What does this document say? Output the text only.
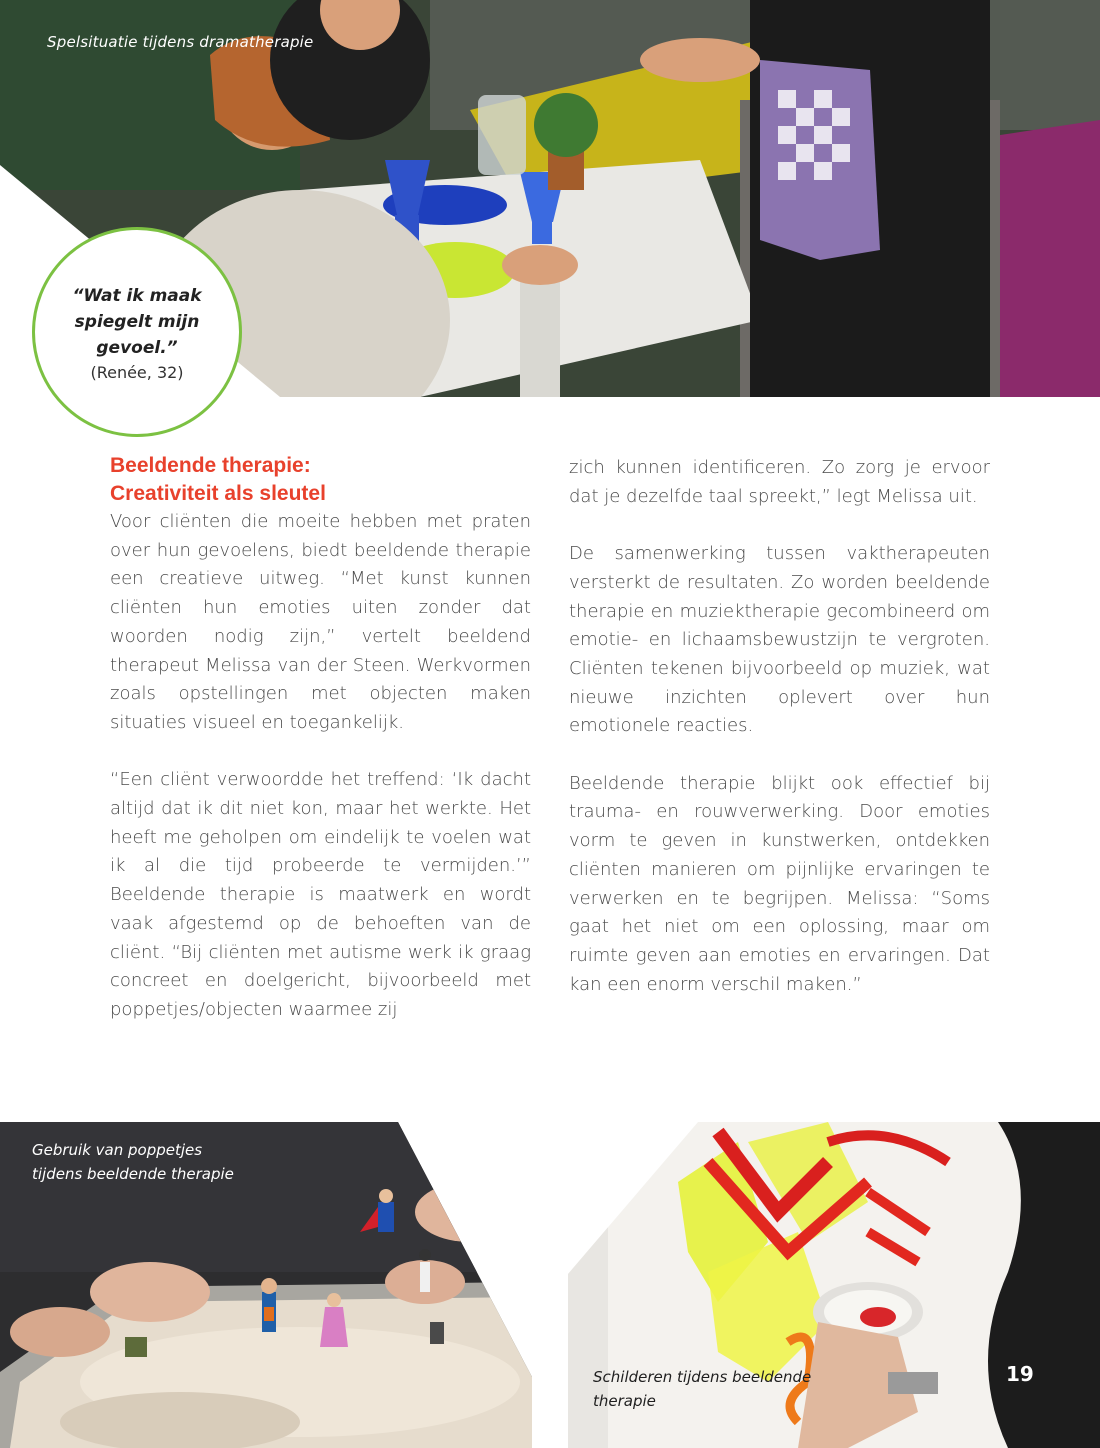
Spelsituatie tijdens dramatherapie
“Wat ik maak spiegelt mijn gevoel.”
(Renée, 32)
Beeldende therapie:
Creativiteit als sleutel

Voor cliënten die moeite hebben met praten over hun gevoelens, biedt beeldende therapie een creatieve uitweg. “Met kunst kunnen cliënten hun emoties uiten zonder dat woorden nodig zijn,” vertelt beeldend therapeut Melissa van der Steen. Werkvormen zoals opstellingen met objecten maken situaties visueel en toegankelijk.

“Een cliënt verwoordde het treffend: ‘Ik dacht altijd dat ik dit niet kon, maar het werkte. Het heeft me geholpen om eindelijk te voelen wat ik al die tijd probeerde te vermijden.’” Beeldende therapie is maatwerk en wordt vaak afgestemd op de behoeften van de cliënt. “Bij cliënten met autisme werk ik graag concreet en doelgericht, bijvoorbeeld met poppetjes/objecten waarmee zij

zich kunnen identificeren. Zo zorg je ervoor dat je dezelfde taal spreekt,” legt Melissa uit.

De samenwerking tussen vaktherapeuten versterkt de resultaten. Zo worden beeldende therapie en muziektherapie gecombineerd om emotie- en lichaamsbewustzijn te vergroten. Cliënten tekenen bijvoorbeeld op muziek, wat nieuwe inzichten oplevert over hun emotionele reacties.

Beeldende therapie blijkt ook effectief bij trauma- en rouwverwerking. Door emoties vorm te geven in kunstwerken, ontdekken cliënten manieren om pijnlijke ervaringen te verwerken en te begrijpen. Melissa: “Soms gaat het niet om een oplossing, maar om ruimte geven aan emoties en ervaringen. Dat kan een enorm verschil maken.”

Gebruik van poppetjes tijdens beeldende therapie
Schilderen tijdens beeldende therapie
19
